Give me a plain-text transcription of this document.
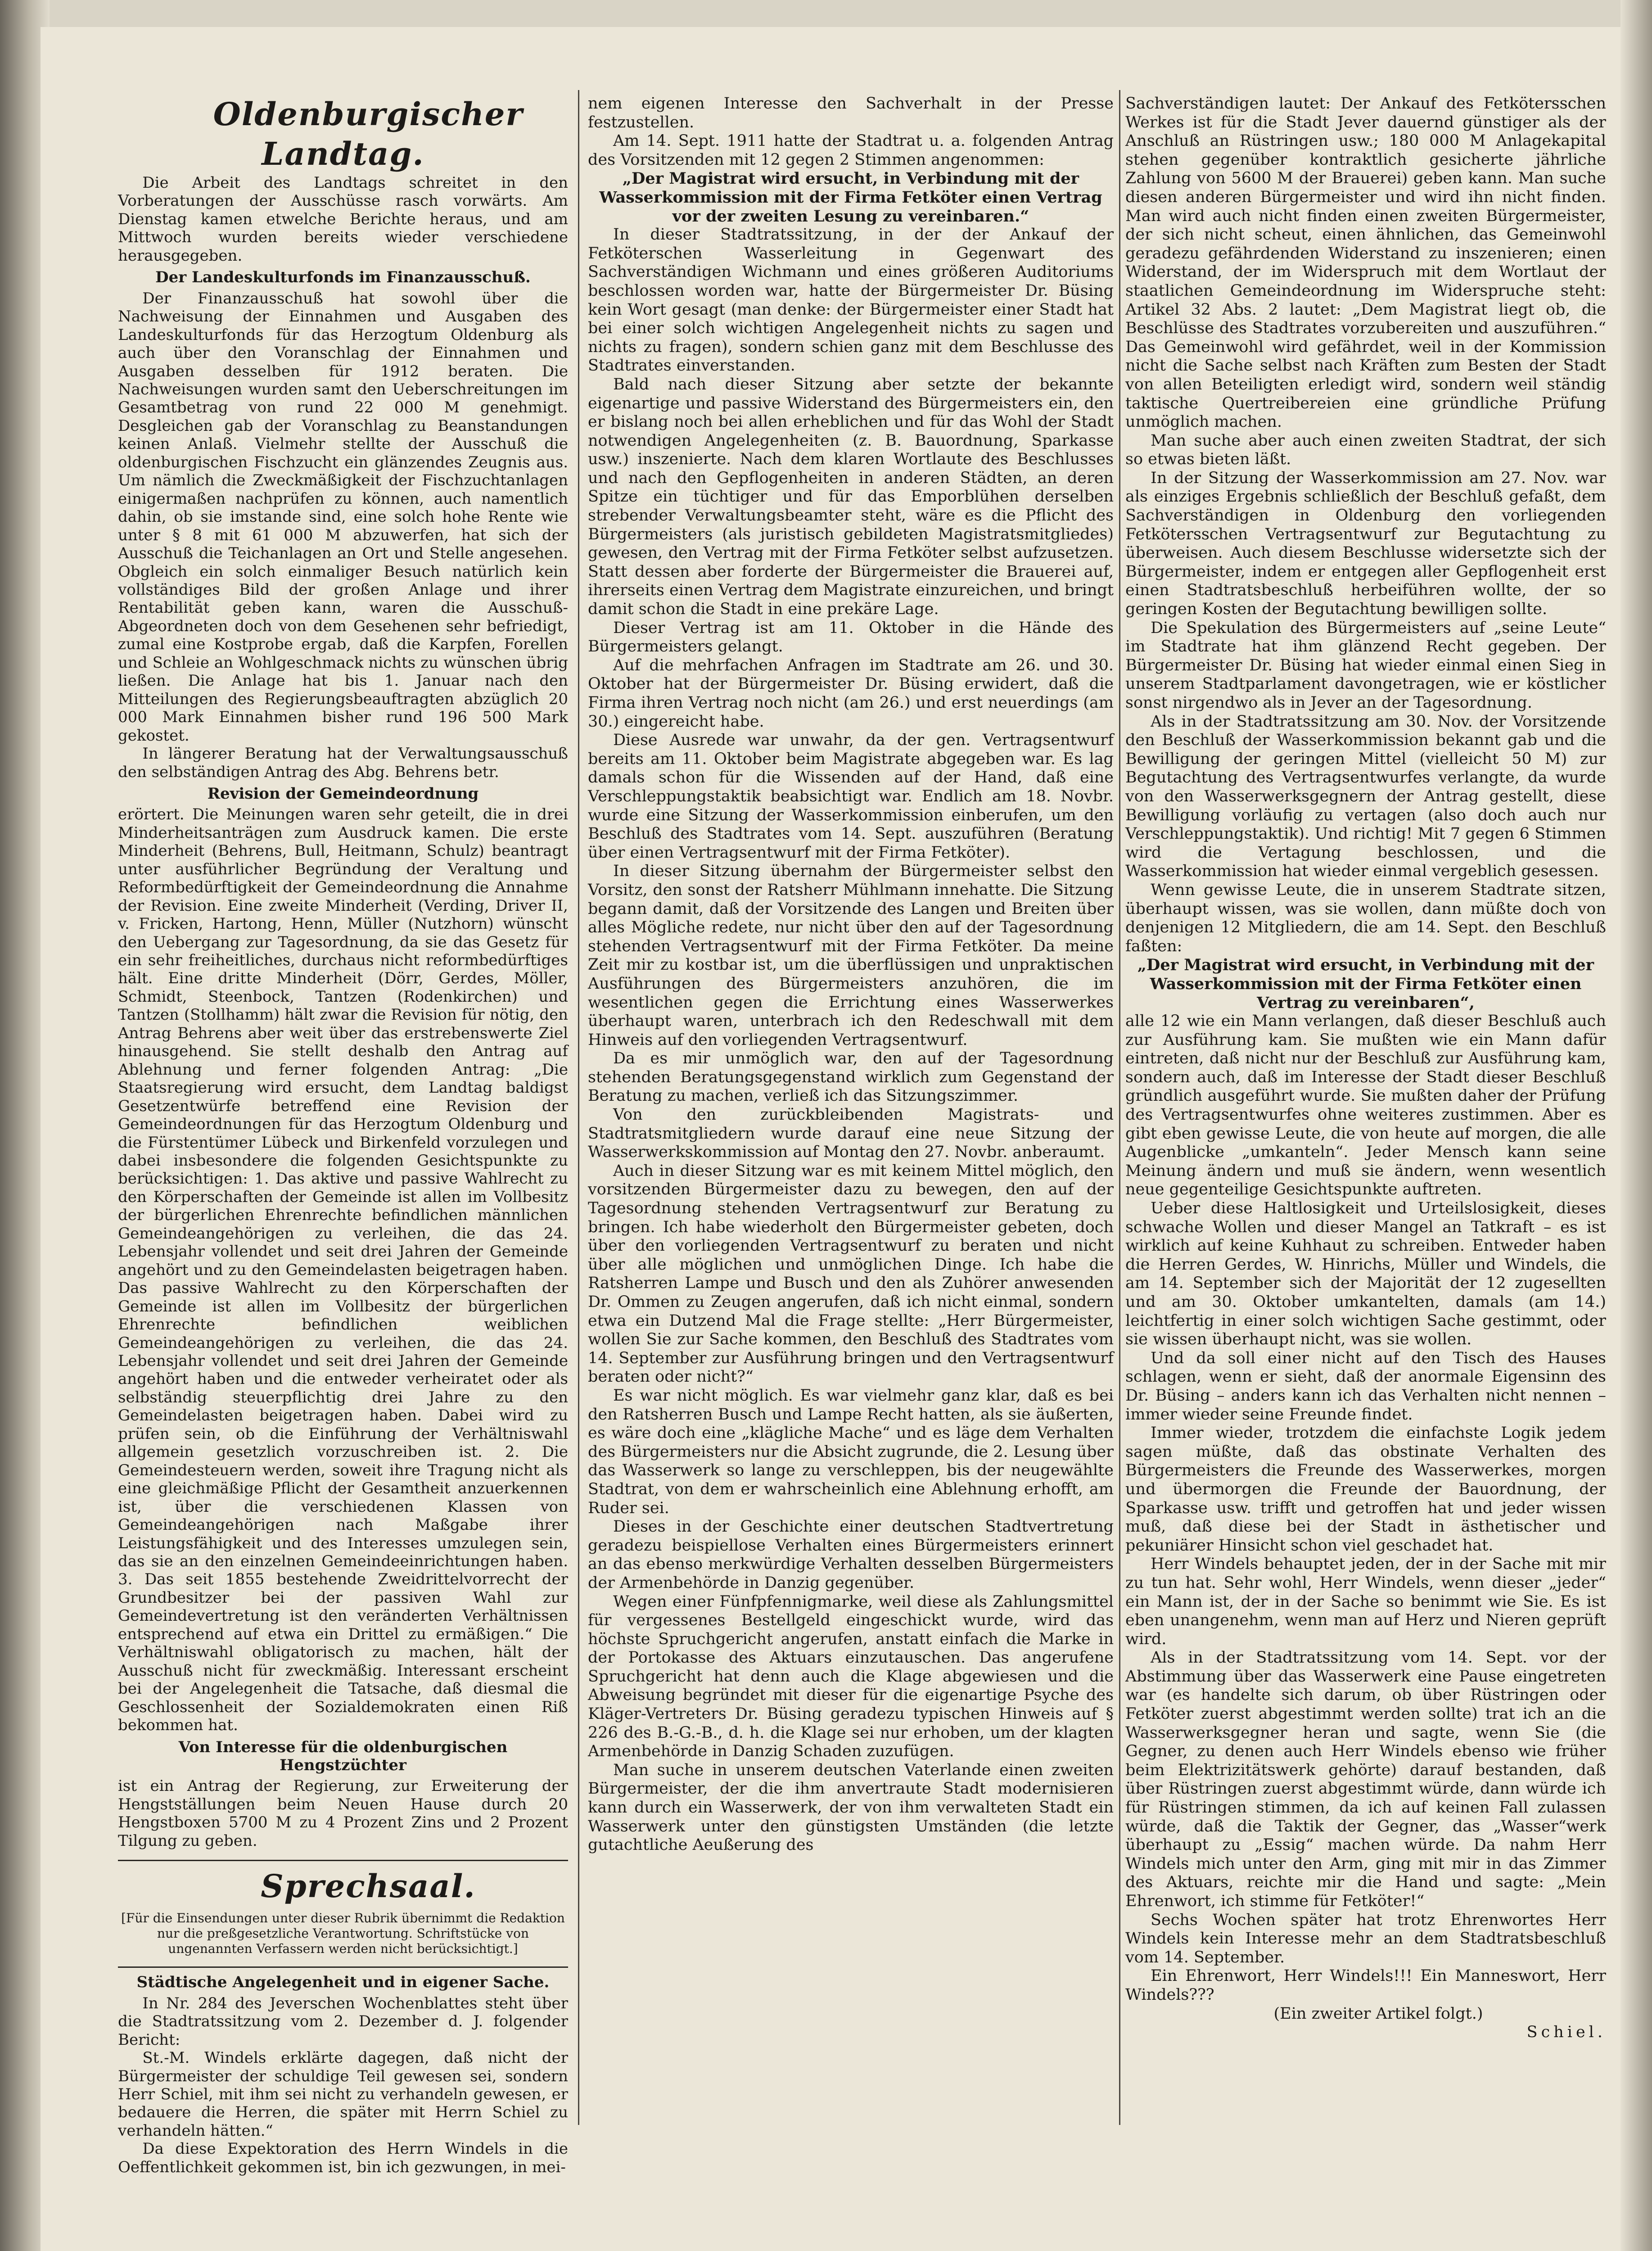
Oldenburgischer Landtag.

Die Arbeit des Landtags schreitet in den Vorberatungen der Ausschüsse rasch vorwärts. Am Dienstag kamen etwelche Berichte heraus, und am Mittwoch wurden bereits wieder verschiedene herausgegeben.

Der Landeskulturfonds im Finanzausschuß.

Der Finanzausschuß hat sowohl über die Nachweisung der Einnahmen und Ausgaben des Landeskulturfonds für das Herzogtum Oldenburg als auch über den Voranschlag der Einnahmen und Ausgaben desselben für 1912 beraten. Die Nachweisungen wurden samt den Ueberschreitungen im Gesamtbetrag von rund 22 000 M genehmigt. Desgleichen gab der Voranschlag zu Beanstandungen keinen Anlaß. Vielmehr stellte der Ausschuß die oldenburgischen Fischzucht ein glänzendes Zeugnis aus. Um nämlich die Zweckmäßigkeit der Fischzuchtanlagen einigermaßen nachprüfen zu können, auch namentlich dahin, ob sie imstande sind, eine solch hohe Rente wie unter § 8 mit 61 000 M abzuwerfen, hat sich der Ausschuß die Teichanlagen an Ort und Stelle angesehen. Obgleich ein solch einmaliger Besuch natürlich kein vollständiges Bild der großen Anlage und ihrer Rentabilität geben kann, waren die Ausschuß-Abgeordneten doch von dem Gesehenen sehr befriedigt, zumal eine Kostprobe ergab, daß die Karpfen, Forellen und Schleie an Wohlgeschmack nichts zu wünschen übrig ließen. Die Anlage hat bis 1. Januar nach den Mitteilungen des Regierungsbeauftragten abzüglich 20 000 Mark Einnahmen bisher rund 196 500 Mark gekostet.

In längerer Beratung hat der Verwaltungsausschuß den selbständigen Antrag des Abg. Behrens betr.

Revision der Gemeindeordnung

erörtert. Die Meinungen waren sehr geteilt, die in drei Minderheitsanträgen zum Ausdruck kamen. Die erste Minderheit (Behrens, Bull, Heitmann, Schulz) beantragt unter ausführlicher Begründung der Veraltung und Reformbedürftigkeit der Gemeindeordnung die Annahme der Revision. Eine zweite Minderheit (Verding, Driver II, v. Fricken, Hartong, Henn, Müller (Nutzhorn) wünscht den Uebergang zur Tagesordnung, da sie das Gesetz für ein sehr freiheitliches, durchaus nicht reformbedürftiges hält. Eine dritte Minderheit (Dörr, Gerdes, Möller, Schmidt, Steenbock, Tantzen (Rodenkirchen) und Tantzen (Stollhamm) hält zwar die Revision für nötig, den Antrag Behrens aber weit über das erstrebenswerte Ziel hinausgehend. Sie stellt deshalb den Antrag auf Ablehnung und ferner folgenden Antrag: „Die Staatsregierung wird ersucht, dem Landtag baldigst Gesetzentwürfe betreffend eine Revision der Gemeindeordnungen für das Herzogtum Oldenburg und die Fürstentümer Lübeck und Birkenfeld vorzulegen und dabei insbesondere die folgenden Gesichtspunkte zu berücksichtigen: 1. Das aktive und passive Wahlrecht zu den Körperschaften der Gemeinde ist allen im Vollbesitz der bürgerlichen Ehrenrechte befindlichen männlichen Gemeindeangehörigen zu verleihen, die das 24. Lebensjahr vollendet und seit drei Jahren der Gemeinde angehört und zu den Gemeindelasten beigetragen haben. Das passive Wahlrecht zu den Körperschaften der Gemeinde ist allen im Vollbesitz der bürgerlichen Ehrenrechte befindlichen weiblichen Gemeindeangehörigen zu verleihen, die das 24. Lebensjahr vollendet und seit drei Jahren der Gemeinde angehört haben und die entweder verheiratet oder als selbständig steuerpflichtig drei Jahre zu den Gemeindelasten beigetragen haben. Dabei wird zu prüfen sein, ob die Einführung der Verhältniswahl allgemein gesetzlich vorzuschreiben ist. 2. Die Gemeindesteuern werden, soweit ihre Tragung nicht als eine gleichmäßige Pflicht der Gesamtheit anzuerkennen ist, über die verschiedenen Klassen von Gemeindeangehörigen nach Maßgabe ihrer Leistungsfähigkeit und des Interesses umzulegen sein, das sie an den einzelnen Gemeindeeinrichtungen haben. 3. Das seit 1855 bestehende Zweidrittelvorrecht der Grundbesitzer bei der passiven Wahl zur Gemeindevertretung ist den veränderten Verhältnissen entsprechend auf etwa ein Drittel zu ermäßigen.“ Die Verhältniswahl obligatorisch zu machen, hält der Ausschuß nicht für zweckmäßig. Interessant erscheint bei der Angelegenheit die Tatsache, daß diesmal die Geschlossenheit der Sozialdemokraten einen Riß bekommen hat.

Von Interesse für die oldenburgischen Hengstzüchter

ist ein Antrag der Regierung, zur Erweiterung der Hengstställungen beim Neuen Hause durch 20 Hengstboxen 5700 M zu 4 Prozent Zins und 2 Prozent Tilgung zu geben.

Sprechsaal.

[Für die Einsendungen unter dieser Rubrik übernimmt die Redaktion nur die preßgesetzliche Verantwortung. Schriftstücke von ungenannten Verfassern werden nicht berücksichtigt.]

Städtische Angelegenheit und in eigener Sache.

In Nr. 284 des Jeverschen Wochenblattes steht über die Stadtratssitzung vom 2. Dezember d. J. folgender Bericht:

St.-M. Windels erklärte dagegen, daß nicht der Bürgermeister der schuldige Teil gewesen sei, sondern Herr Schiel, mit ihm sei nicht zu verhandeln gewesen, er bedauere die Herren, die später mit Herrn Schiel zu verhandeln hätten.“

Da diese Expektoration des Herrn Windels in die Oeffentlichkeit gekommen ist, bin ich gezwungen, in mei-

nem eigenen Interesse den Sachverhalt in der Presse festzustellen.

Am 14. Sept. 1911 hatte der Stadtrat u. a. folgenden Antrag des Vorsitzenden mit 12 gegen 2 Stimmen angenommen:

„Der Magistrat wird ersucht, in Verbindung mit der Wasserkommission mit der Firma Fetköter einen Vertrag vor der zweiten Lesung zu vereinbaren.“

In dieser Stadtratssitzung, in der der Ankauf der Fetköterschen Wasserleitung in Gegenwart des Sachverständigen Wichmann und eines größeren Auditoriums beschlossen worden war, hatte der Bürgermeister Dr. Büsing kein Wort gesagt (man denke: der Bürgermeister einer Stadt hat bei einer solch wichtigen Angelegenheit nichts zu sagen und nichts zu fragen), sondern schien ganz mit dem Beschlusse des Stadtrates einverstanden.

Bald nach dieser Sitzung aber setzte der bekannte eigenartige und passive Widerstand des Bürgermeisters ein, den er bislang noch bei allen erheblichen und für das Wohl der Stadt notwendigen Angelegenheiten (z. B. Bauordnung, Sparkasse usw.) inszenierte. Nach dem klaren Wortlaute des Beschlusses und nach den Gepflogenheiten in anderen Städten, an deren Spitze ein tüchtiger und für das Emporblühen derselben strebender Verwaltungsbeamter steht, wäre es die Pflicht des Bürgermeisters (als juristisch gebildeten Magistratsmitgliedes) gewesen, den Vertrag mit der Firma Fetköter selbst aufzusetzen. Statt dessen aber forderte der Bürgermeister die Brauerei auf, ihrerseits einen Vertrag dem Magistrate einzureichen, und bringt damit schon die Stadt in eine prekäre Lage.

Dieser Vertrag ist am 11. Oktober in die Hände des Bürgermeisters gelangt.

Auf die mehrfachen Anfragen im Stadtrate am 26. und 30. Oktober hat der Bürgermeister Dr. Büsing erwidert, daß die Firma ihren Vertrag noch nicht (am 26.) und erst neuerdings (am 30.) eingereicht habe.

Diese Ausrede war unwahr, da der gen. Vertragsentwurf bereits am 11. Oktober beim Magistrate abgegeben war. Es lag damals schon für die Wissenden auf der Hand, daß eine Verschleppungstaktik beabsichtigt war. Endlich am 18. Novbr. wurde eine Sitzung der Wasserkommission einberufen, um den Beschluß des Stadtrates vom 14. Sept. auszuführen (Beratung über einen Vertragsentwurf mit der Firma Fetköter).

In dieser Sitzung übernahm der Bürgermeister selbst den Vorsitz, den sonst der Ratsherr Mühlmann innehatte. Die Sitzung begann damit, daß der Vorsitzende des Langen und Breiten über alles Mögliche redete, nur nicht über den auf der Tagesordnung stehenden Vertragsentwurf mit der Firma Fetköter. Da meine Zeit mir zu kostbar ist, um die überflüssigen und unpraktischen Ausführungen des Bürgermeisters anzuhören, die im wesentlichen gegen die Errichtung eines Wasserwerkes überhaupt waren, unterbrach ich den Redeschwall mit dem Hinweis auf den vorliegenden Vertragsentwurf.

Da es mir unmöglich war, den auf der Tagesordnung stehenden Beratungsgegenstand wirklich zum Gegenstand der Beratung zu machen, verließ ich das Sitzungszimmer.

Von den zurückbleibenden Magistrats- und Stadtratsmitgliedern wurde darauf eine neue Sitzung der Wasserwerkskommission auf Montag den 27. Novbr. anberaumt.

Auch in dieser Sitzung war es mit keinem Mittel möglich, den vorsitzenden Bürgermeister dazu zu bewegen, den auf der Tagesordnung stehenden Vertragsentwurf zur Beratung zu bringen. Ich habe wiederholt den Bürgermeister gebeten, doch über den vorliegenden Vertragsentwurf zu beraten und nicht über alle möglichen und unmöglichen Dinge. Ich habe die Ratsherren Lampe und Busch und den als Zuhörer anwesenden Dr. Ommen zu Zeugen angerufen, daß ich nicht einmal, sondern etwa ein Dutzend Mal die Frage stellte: „Herr Bürgermeister, wollen Sie zur Sache kommen, den Beschluß des Stadtrates vom 14. September zur Ausführung bringen und den Vertragsentwurf beraten oder nicht?“

Es war nicht möglich. Es war vielmehr ganz klar, daß es bei den Ratsherren Busch und Lampe Recht hatten, als sie äußerten, es wäre doch eine „klägliche Mache“ und es läge dem Verhalten des Bürgermeisters nur die Absicht zugrunde, die 2. Lesung über das Wasserwerk so lange zu verschleppen, bis der neugewählte Stadtrat, von dem er wahrscheinlich eine Ablehnung erhofft, am Ruder sei.

Dieses in der Geschichte einer deutschen Stadtvertretung geradezu beispiellose Verhalten eines Bürgermeisters erinnert an das ebenso merkwürdige Verhalten desselben Bürgermeisters der Armenbehörde in Danzig gegenüber.

Wegen einer Fünfpfennigmarke, weil diese als Zahlungsmittel für vergessenes Bestellgeld eingeschickt wurde, wird das höchste Spruchgericht angerufen, anstatt einfach die Marke in der Portokasse des Aktuars einzutauschen. Das angerufene Spruchgericht hat denn auch die Klage abgewiesen und die Abweisung begründet mit dieser für die eigenartige Psyche des Kläger-Vertreters Dr. Büsing geradezu typischen Hinweis auf § 226 des B.-G.-B., d. h. die Klage sei nur erhoben, um der klagten Armenbehörde in Danzig Schaden zuzufügen.

Man suche in unserem deutschen Vaterlande einen zweiten Bürgermeister, der die ihm anvertraute Stadt modernisieren kann durch ein Wasserwerk, der von ihm verwalteten Stadt ein Wasserwerk unter den günstigsten Umständen (die letzte gutachtliche Aeußerung des

Sachverständigen lautet: Der Ankauf des Fetkötersschen Werkes ist für die Stadt Jever dauernd günstiger als der Anschluß an Rüstringen usw.; 180 000 M Anlagekapital stehen gegenüber kontraktlich gesicherte jährliche Zahlung von 5600 M der Brauerei) geben kann. Man suche diesen anderen Bürgermeister und wird ihn nicht finden. Man wird auch nicht finden einen zweiten Bürgermeister, der sich nicht scheut, einen ähnlichen, das Gemeinwohl geradezu gefährdenden Widerstand zu inszenieren; einen Widerstand, der im Widerspruch mit dem Wortlaut der staatlichen Gemeindeordnung im Widerspruche steht: Artikel 32 Abs. 2 lautet: „Dem Magistrat liegt ob, die Beschlüsse des Stadtrates vorzubereiten und auszuführen.“ Das Gemeinwohl wird gefährdet, weil in der Kommission nicht die Sache selbst nach Kräften zum Besten der Stadt von allen Beteiligten erledigt wird, sondern weil ständig taktische Quertreibereien eine gründliche Prüfung unmöglich machen.

Man suche aber auch einen zweiten Stadtrat, der sich so etwas bieten läßt.

In der Sitzung der Wasserkommission am 27. Nov. war als einziges Ergebnis schließlich der Beschluß gefaßt, dem Sachverständigen in Oldenburg den vorliegenden Fetkötersschen Vertragsentwurf zur Begutachtung zu überweisen. Auch diesem Beschlusse widersetzte sich der Bürgermeister, indem er entgegen aller Gepflogenheit erst einen Stadtratsbeschluß herbeiführen wollte, der so geringen Kosten der Begutachtung bewilligen sollte.

Die Spekulation des Bürgermeisters auf „seine Leute“ im Stadtrate hat ihm glänzend Recht gegeben. Der Bürgermeister Dr. Büsing hat wieder einmal einen Sieg in unserem Stadtparlament davongetragen, wie er köstlicher sonst nirgendwo als in Jever an der Tagesordnung.

Als in der Stadtratssitzung am 30. Nov. der Vorsitzende den Beschluß der Wasserkommission bekannt gab und die Bewilligung der geringen Mittel (vielleicht 50 M) zur Begutachtung des Vertragsentwurfes verlangte, da wurde von den Wasserwerksgegnern der Antrag gestellt, diese Bewilligung vorläufig zu vertagen (also doch auch nur Verschleppungstaktik). Und richtig! Mit 7 gegen 6 Stimmen wird die Vertagung beschlossen, und die Wasserkommission hat wieder einmal vergeblich gesessen.

Wenn gewisse Leute, die in unserem Stadtrate sitzen, überhaupt wissen, was sie wollen, dann müßte doch von denjenigen 12 Mitgliedern, die am 14. Sept. den Beschluß faßten:

„Der Magistrat wird ersucht, in Verbindung mit der Wasserkommission mit der Firma Fetköter einen Vertrag zu vereinbaren“,

alle 12 wie ein Mann verlangen, daß dieser Beschluß auch zur Ausführung kam. Sie mußten wie ein Mann dafür eintreten, daß nicht nur der Beschluß zur Ausführung kam, sondern auch, daß im Interesse der Stadt dieser Beschluß gründlich ausgeführt wurde. Sie mußten daher der Prüfung des Vertragsentwurfes ohne weiteres zustimmen. Aber es gibt eben gewisse Leute, die von heute auf morgen, die alle Augenblicke „umkanteln“. Jeder Mensch kann seine Meinung ändern und muß sie ändern, wenn wesentlich neue gegenteilige Gesichtspunkte auftreten.

Ueber diese Haltlosigkeit und Urteilslosigkeit, dieses schwache Wollen und dieser Mangel an Tatkraft – es ist wirklich auf keine Kuhhaut zu schreiben. Entweder haben die Herren Gerdes, W. Hinrichs, Müller und Windels, die am 14. September sich der Majorität der 12 zugesellten und am 30. Oktober umkantelten, damals (am 14.) leichtfertig in einer solch wichtigen Sache gestimmt, oder sie wissen überhaupt nicht, was sie wollen.

Und da soll einer nicht auf den Tisch des Hauses schlagen, wenn er sieht, daß der anormale Eigensinn des Dr. Büsing – anders kann ich das Verhalten nicht nennen – immer wieder seine Freunde findet.

Immer wieder, trotzdem die einfachste Logik jedem sagen müßte, daß das obstinate Verhalten des Bürgermeisters die Freunde des Wasserwerkes, morgen und übermorgen die Freunde der Bauordnung, der Sparkasse usw. trifft und getroffen hat und jeder wissen muß, daß diese bei der Stadt in ästhetischer und pekuniärer Hinsicht schon viel geschadet hat.

Herr Windels behauptet jeden, der in der Sache mit mir zu tun hat. Sehr wohl, Herr Windels, wenn dieser „jeder“ ein Mann ist, der in der Sache so benimmt wie Sie. Es ist eben unangenehm, wenn man auf Herz und Nieren geprüft wird.

Als in der Stadtratssitzung vom 14. Sept. vor der Abstimmung über das Wasserwerk eine Pause eingetreten war (es handelte sich darum, ob über Rüstringen oder Fetköter zuerst abgestimmt werden sollte) trat ich an die Wasserwerksgegner heran und sagte, wenn Sie (die Gegner, zu denen auch Herr Windels ebenso wie früher beim Elektrizitätswerk gehörte) darauf bestanden, daß über Rüstringen zuerst abgestimmt würde, dann würde ich für Rüstringen stimmen, da ich auf keinen Fall zulassen würde, daß die Taktik der Gegner, das „Wasser“werk überhaupt zu „Essig“ machen würde. Da nahm Herr Windels mich unter den Arm, ging mit mir in das Zimmer des Aktuars, reichte mir die Hand und sagte: „Mein Ehrenwort, ich stimme für Fetköter!“

Sechs Wochen später hat trotz Ehrenwortes Herr Windels kein Interesse mehr an dem Stadtratsbeschluß vom 14. September.

Ein Ehrenwort, Herr Windels!!! Ein Manneswort, Herr Windels???

(Ein zweiter Artikel folgt.)

Schiel.
